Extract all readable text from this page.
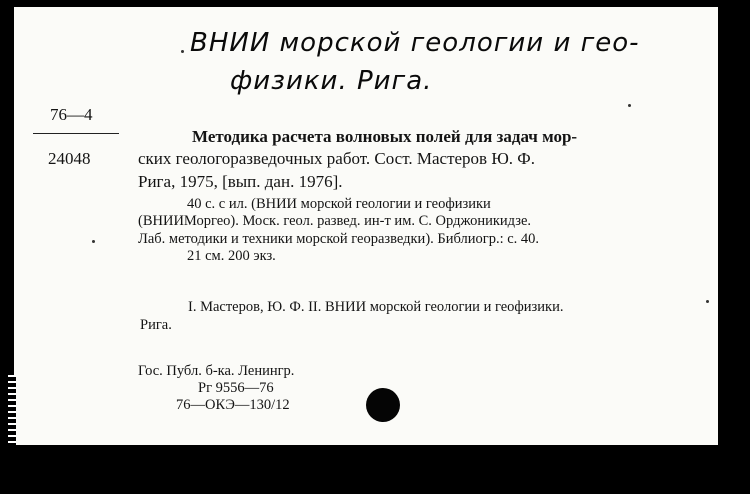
ВНИИ морской геологии и гео-
физики. Рига.
76—4
24048
Методика расчета волновых полей для задач мор-
ских геологоразведочных работ. Сост. Мастеров Ю. Ф.
Рига, 1975, [вып. дан. 1976].
40 с. с ил. (ВНИИ морской геологии и геофизики
(ВНИИМоргео). Моск. геол. развед. ин-т им. С. Орджоникидзе.
Лаб. методики и техники морской георазведки). Библиогр.: с. 40.
21 см. 200 экз.
I. Мастеров, Ю. Ф. II. ВНИИ морской геологии и геофизики.
Рига.
Гос. Публ. б-ка. Ленингр.
Рг 9556—76
76—ОКЭ—130/12
